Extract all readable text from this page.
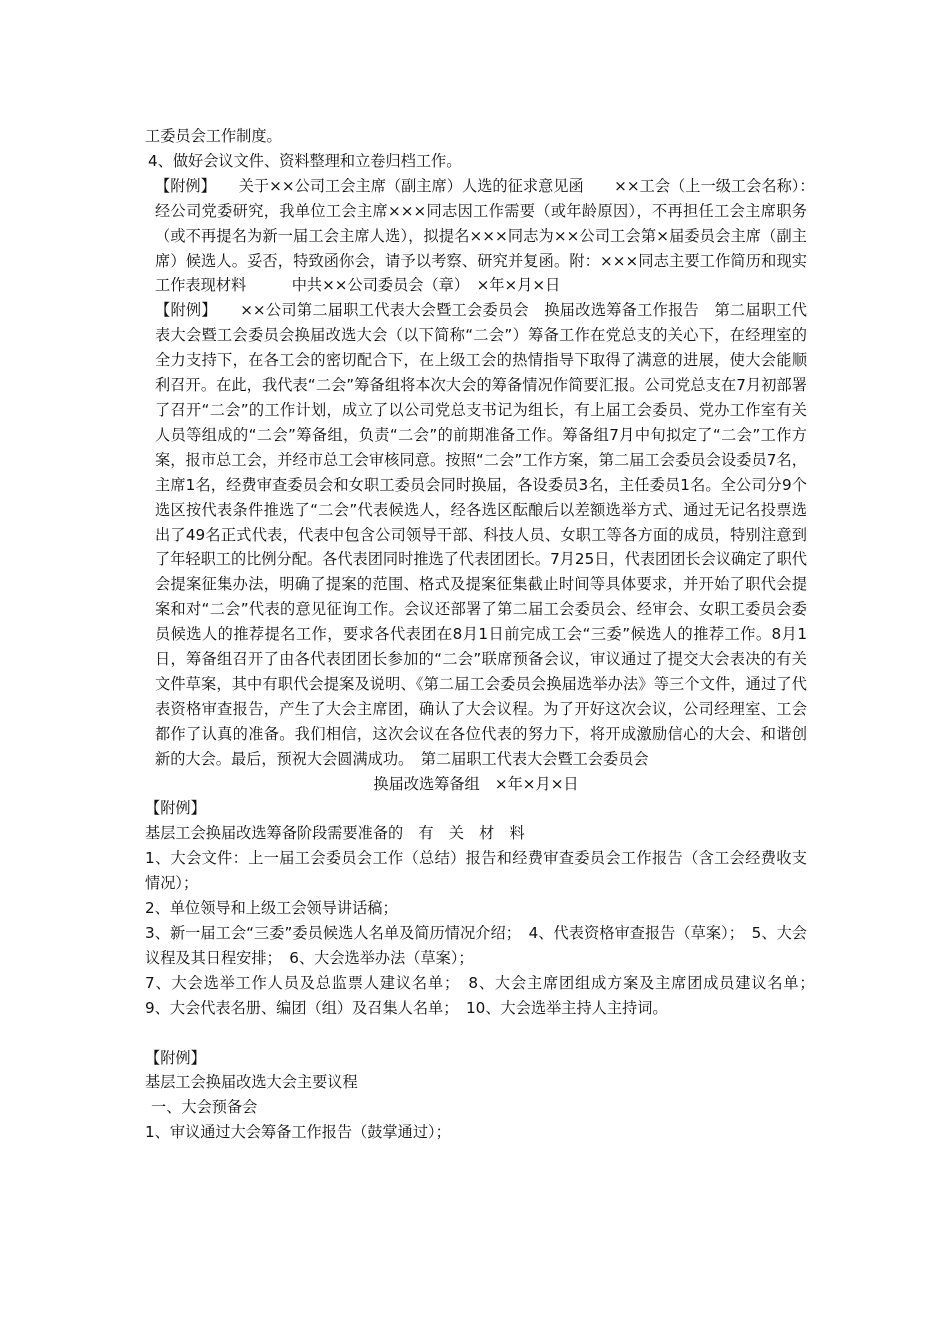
工委员会工作制度。

4、做好会议文件、资料整理和立卷归档工作。

【附例】　　关于××公司工会主席（副主席）人选的征求意见函　　××工会（上一级工会名称）：　经公司党委研究，我单位工会主席×××同志因工作需要（或年龄原因），不再担任工会主席职务（或不再提名为新一届工会主席人选），拟提名×××同志为××公司工会第×届委员会主席（副主席）候选人。妥否，特致函你会，请予以考察、研究并复函。附：×××同志主要工作简历和现实工作表现材料　　　中共××公司委员会（章）　×年×月×日

【附例】　　××公司第二届职工代表大会暨工会委员会　换届改选筹备工作报告　第二届职工代表大会暨工会委员会换届改选大会（以下简称“二会”）筹备工作在党总支的关心下，在经理室的全力支持下，在各工会的密切配合下，在上级工会的热情指导下取得了满意的进展，使大会能顺利召开。在此，我代表“二会”筹备组将本次大会的筹备情况作简要汇报。公司党总支在7月初部署了召开“二会”的工作计划，成立了以公司党总支书记为组长，有上届工会委员、党办工作室有关人员等组成的“二会”筹备组，负责“二会”的前期准备工作。筹备组7月中旬拟定了“二会”工作方案，报市总工会，并经市总工会审核同意。按照“二会”工作方案，第二届工会委员会设委员7名，主席1名，经费审查委员会和女职工委员会同时换届，各设委员3名，主任委员1名。全公司分9个选区按代表条件推选了“二会”代表候选人，经各选区酝酿后以差额选举方式、通过无记名投票选出了49名正式代表，代表中包含公司领导干部、科技人员、女职工等各方面的成员，特别注意到了年轻职工的比例分配。各代表团同时推选了代表团团长。7月25日，代表团团长会议确定了职代会提案征集办法，明确了提案的范围、格式及提案征集截止时间等具体要求，并开始了职代会提案和对“二会”代表的意见征询工作。会议还部署了第二届工会委员会、经审会、女职工委员会委员候选人的推荐提名工作，要求各代表团在8月1日前完成工会“三委”候选人的推荐工作。8月1日，筹备组召开了由各代表团团长参加的“二会”联席预备会议，审议通过了提交大会表决的有关文件草案，其中有职代会提案及说明、《第二届工会委员会换届选举办法》等三个文件，通过了代表资格审查报告，产生了大会主席团，确认了大会议程。为了开好这次会议，公司经理室、工会都作了认真的准备。我们相信，这次会议在各位代表的努力下，将开成激励信心的大会、和谐创新的大会。最后，预祝大会圆满成功。　第二届职工代表大会暨工会委员会

换届改选筹备组　×年×月×日

【附例】

基层工会换届改选筹备阶段需要准备的　有　关　材　料

1、大会文件：上一届工会委员会工作（总结）报告和经费审查委员会工作报告（含工会经费收支情况）；

2、单位领导和上级工会领导讲话稿；

3、新一届工会“三委”委员候选人名单及简历情况介绍；　4、代表资格审查报告（草案）；　5、大会议程及其日程安排；　6、大会选举办法（草案）；

7、大会选举工作人员及总监票人建议名单；　8、大会主席团组成方案及主席团成员建议名单；　9、大会代表名册、编团（组）及召集人名单；　10、大会选举主持人主持词。

【附例】

基层工会换届改选大会主要议程

一、大会预备会

1、审议通过大会筹备工作报告（鼓掌通过）；
